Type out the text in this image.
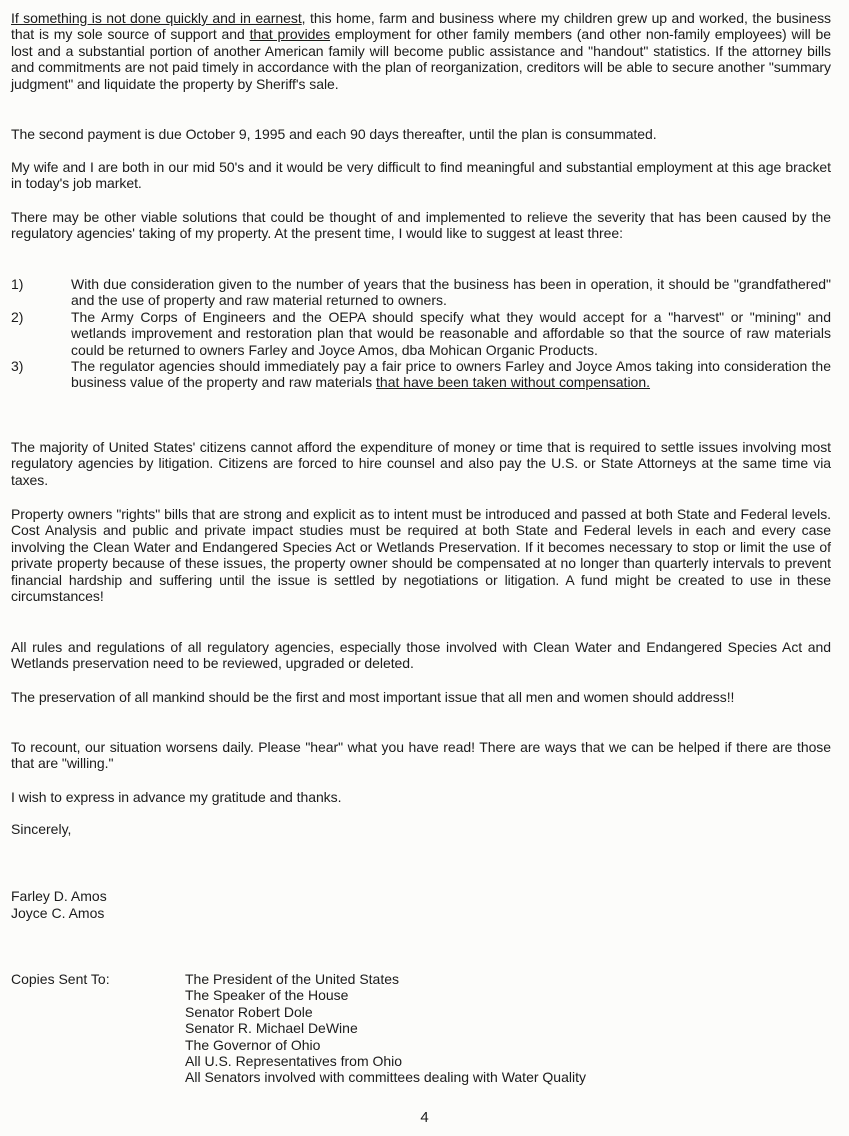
If something is not done quickly and in earnest, this home, farm and business where my children grew up and worked, the business that is my sole source of support and that provides employment for other family members (and other non-family employees) will be lost and a substantial portion of another American family will become public assistance and "handout" statistics. If the attorney bills and commitments are not paid timely in accordance with the plan of reorganization, creditors will be able to secure another "summary judgment" and liquidate the property by Sheriff's sale.

The second payment is due October 9, 1995 and each 90 days thereafter, until the plan is consummated.

My wife and I are both in our mid 50's and it would be very difficult to find meaningful and substantial employment at this age bracket in today's job market.

There may be other viable solutions that could be thought of and implemented to relieve the severity that has been caused by the regulatory agencies' taking of my property. At the present time, I would like to suggest at least three:

1)	With due consideration given to the number of years that the business has been in operation, it should be "grandfathered" and the use of property and raw material returned to owners.
2)	The Army Corps of Engineers and the OEPA should specify what they would accept for a "harvest" or "mining" and wetlands improvement and restoration plan that would be reasonable and affordable so that the source of raw materials could be returned to owners Farley and Joyce Amos, dba Mohican Organic Products.
3)	The regulator agencies should immediately pay a fair price to owners Farley and Joyce Amos taking into consideration the business value of the property and raw materials that have been taken without compensation.

The majority of United States' citizens cannot afford the expenditure of money or time that is required to settle issues involving most regulatory agencies by litigation. Citizens are forced to hire counsel and also pay the U.S. or State Attorneys at the same time via taxes.

Property owners "rights" bills that are strong and explicit as to intent must be introduced and passed at both State and Federal levels. Cost Analysis and public and private impact studies must be required at both State and Federal levels in each and every case involving the Clean Water and Endangered Species Act or Wetlands Preservation. If it becomes necessary to stop or limit the use of private property because of these issues, the property owner should be compensated at no longer than quarterly intervals to prevent financial hardship and suffering until the issue is settled by negotiations or litigation. A fund might be created to use in these circumstances!

All rules and regulations of all regulatory agencies, especially those involved with Clean Water and Endangered Species Act and Wetlands preservation need to be reviewed, upgraded or deleted.

The preservation of all mankind should be the first and most important issue that all men and women should address!!

To recount, our situation worsens daily. Please "hear" what you have read! There are ways that we can be helped if there are those that are "willing."

I wish to express in advance my gratitude and thanks.

Sincerely,
Farley D. Amos
Joyce C. Amos
Copies Sent To:	The President of the United States
The Speaker of the House
Senator Robert Dole
Senator R. Michael DeWine
The Governor of Ohio
All U.S. Representatives from Ohio
All Senators involved with committees dealing with Water Quality
4
